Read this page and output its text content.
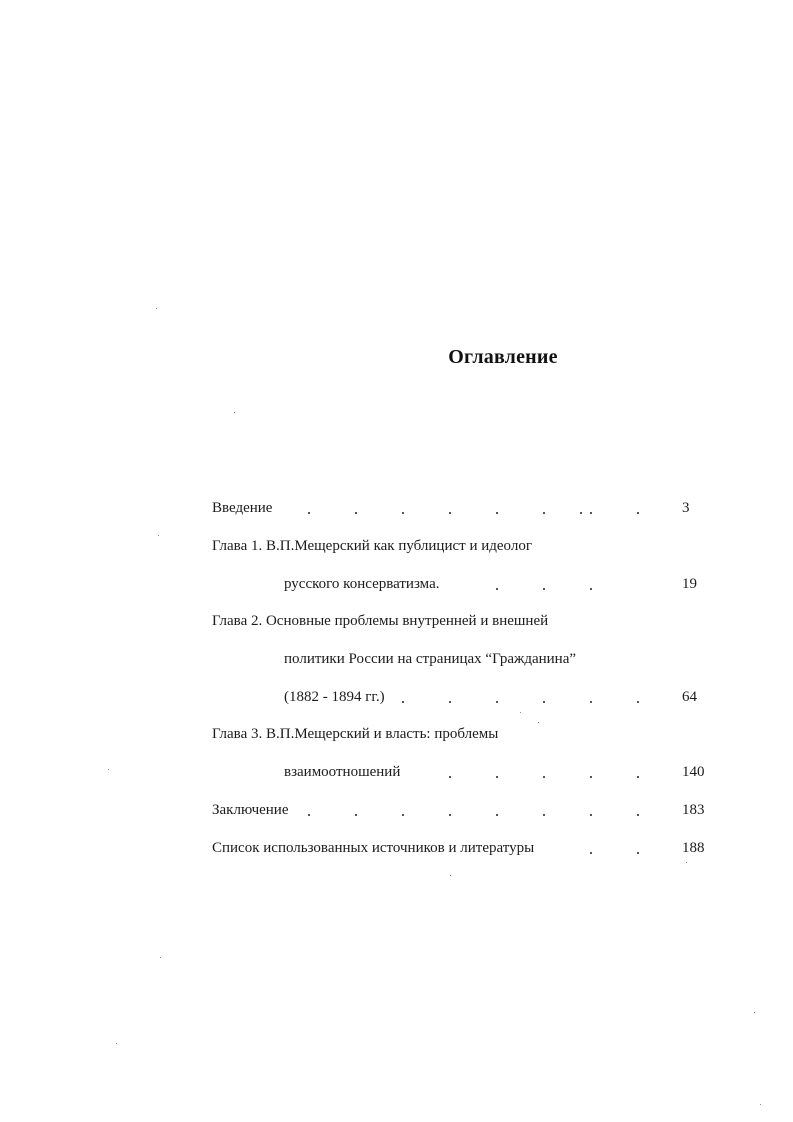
Оглавление
Введение	3
Глава 1. В.П.Мещерский как публицист и идеолог
русского консерватизма.	19
Глава 2. Основные проблемы внутренней и внешней
политики России на страницах “Гражданина”
(1882 - 1894 гг.)	64
Глава 3. В.П.Мещерский и власть: проблемы
взаимоотношений	140
Заключение	183
Список использованных источников и литературы	188
